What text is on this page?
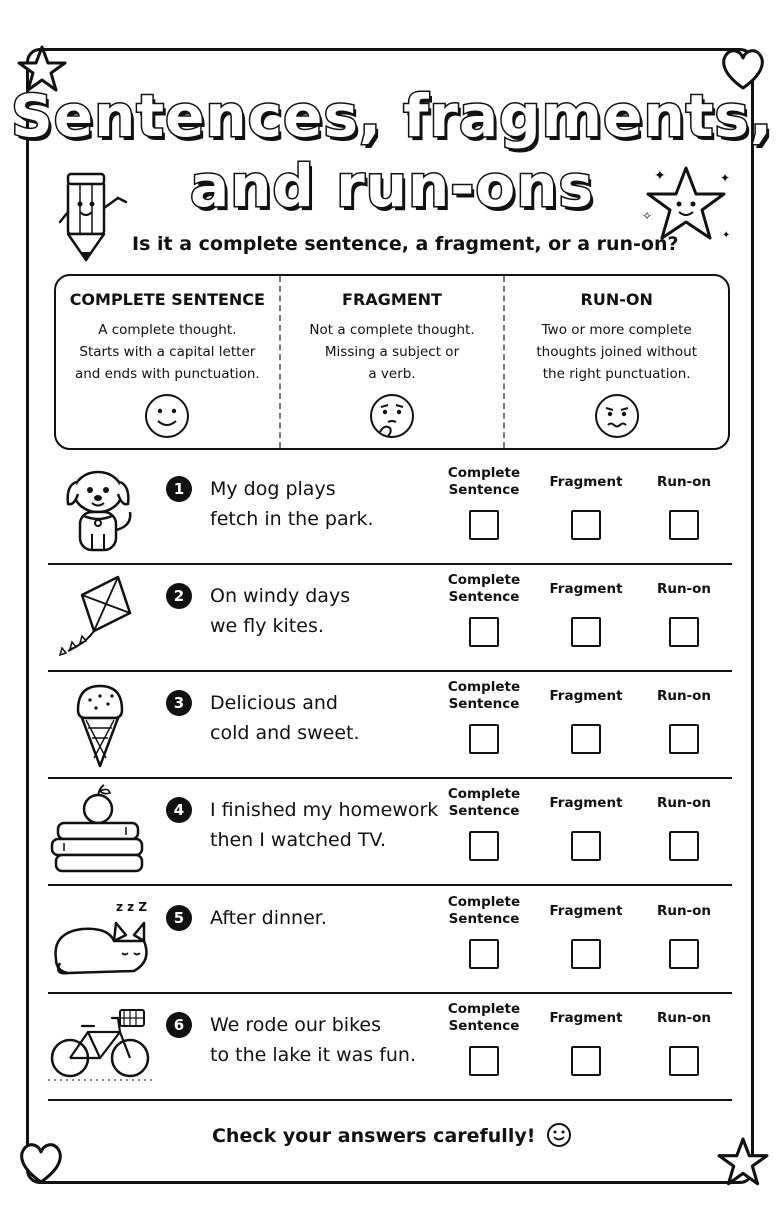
Sentences, fragments,
and run-ons	✦	✦
✧
✦
Is it a complete sentence, a fragment, or a run-on?
COMPLETE SENTENCE
A complete thought.
Starts with a capital letter
and ends with punctuation.
FRAGMENT
Not a complete thought.
Missing a subject or
a verb.
RUN-ON
Two or more complete
thoughts joined without
the right punctuation.
1	My dog plays
fetch in the park.
Complete
Sentence
Fragment	Run-on
2	On windy days
we fly kites.
Complete
Sentence
Fragment	Run-on
3	Delicious and
cold and sweet.
Complete
Sentence
Fragment	Run-on
4	I finished my homework
then I watched TV.
Complete
Sentence
Fragment	Run-on
z z Z
5	After dinner.
Complete
Sentence
Fragment	Run-on
6	We rode our bikes
to the lake it was fun.
Complete
Sentence
Fragment	Run-on
Check your answers carefully!
